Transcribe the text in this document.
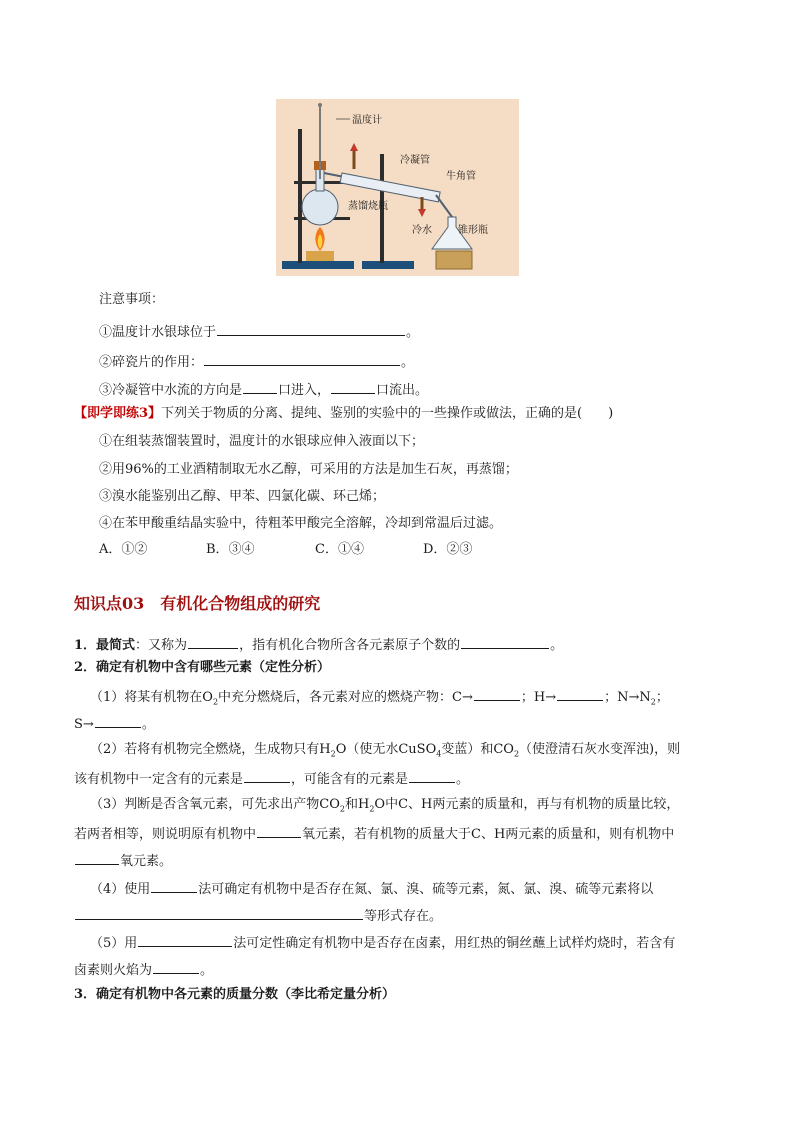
温度计
冷凝管
牛角管
蒸馏烧瓶
冷水	锥形瓶
注意事项：
①温度计水银球位于	。
②碎瓷片的作用：	。
③冷凝管中水流的方向是	口进入，	口流出。
【即学即练3】下列关于物质的分离、提纯、鉴别的实验中的一些操作或做法，正确的是(　　)
①在组装蒸馏装置时，温度计的水银球应伸入液面以下；
②用96%的工业酒精制取无水乙醇，可采用的方法是加生石灰，再蒸馏；
③溴水能鉴别出乙醇、甲苯、四氯化碳、环己烯；
④在苯甲酸重结晶实验中，待粗苯甲酸完全溶解，冷却到常温后过滤。
A．①②	B．③④	C．①④	D．②③
知识点03　有机化合物组成的研究
1．最简式：又称为	，指有机化合物所含各元素原子个数的	。
2．确定有机物中含有哪些元素（定性分析）
（1）将某有机物在$O_2$中充分燃烧后，各元素对应的燃烧产物：C→	；H→	；$N\to N_2$；
S→	。
（2）若将有机物完全燃烧，生成物只有$H_2O$（使无水CuSO$_4$变蓝）和$CO_2$（使澄清石灰水变浑浊)，则
该有机物中一定含有的元素是	，可能含有的元素是	。
（3）判断是否含氧元素，可先求出产物$CO_2$和$H_2O$中C、H两元素的质量和，再与有机物的质量比较，
若两者相等，则说明原有机物中	氧元素，若有机物的质量大于C、H两元素的质量和，则有机物中
氧元素。
（4）使用	法可确定有机物中是否存在氮、氯、溴、硫等元素，氮、氯、溴、硫等元素将以
等形式存在。
（5）用	法可定性确定有机物中是否存在卤素，用红热的铜丝蘸上试样灼烧时，若含有
卤素则火焰为	。
3．确定有机物中各元素的质量分数（李比希定量分析）
